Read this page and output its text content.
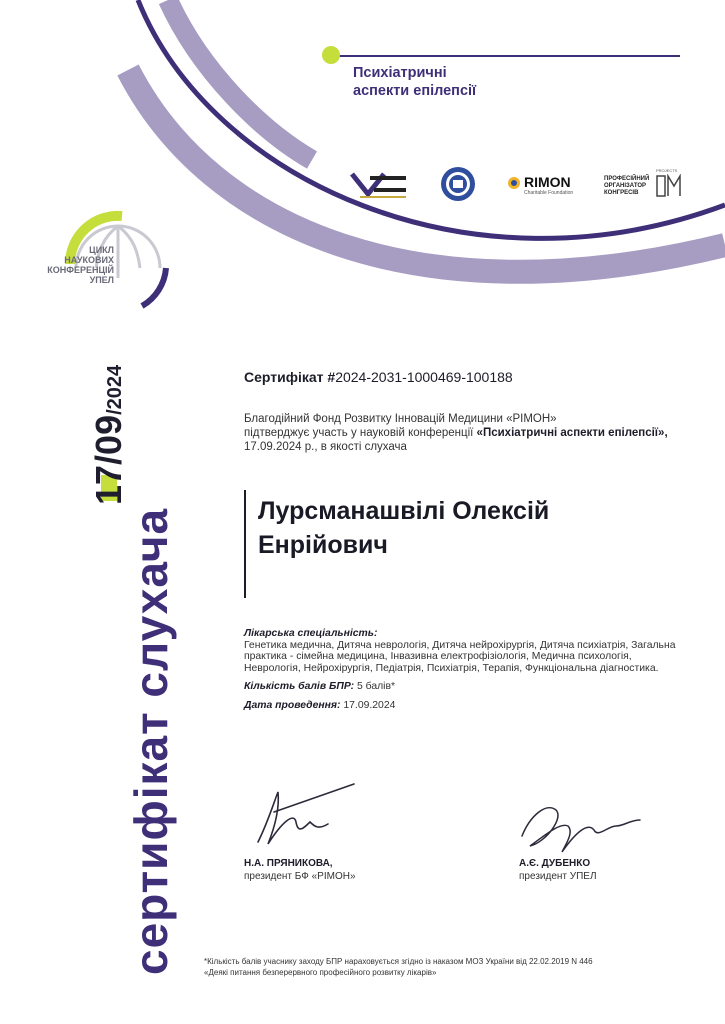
Психіатричні
аспекти епілепсії
RIMON
Charitable Foundation
ПРОФЕСІЙНИЙ
ОРГАНІЗАТОР
КОНГРЕСІВ
PROJECTS
ЦИКЛ
НАУКОВИХ
КОНФЕРЕНЦІЙ
УПЕЛ
17/09/2024
сертифікат слухача
Сертифікат #2024-2031-1000469-100188
Благодійний Фонд Розвитку Інновацій Медицини «РІМОН»
підтверджує участь у науковій конференції «Психіатричні аспекти епілепсії», 17.09.2024 р., в якості слухача
Лурсманашвілі Олексій
Енрійович
Лікарська спеціальність:
Генетика медична, Дитяча неврологія, Дитяча нейрохірургія, Дитяча психіатрія, Загальна практика - сімейна медицина, Інвазивна електрофізіологія, Медична психологія, Неврологія, Нейрохірургія, Педіатрія, Психіатрія, Терапія, Функціональна діагностика.
Кількість балів БПР: 5 балів*
Дата проведення: 17.09.2024
Н.А. ПРЯНИКОВА,
президент БФ «РІМОН»
А.Є. ДУБЕНКО
президент УПЕЛ
*Кількість балів учаснику заходу БПР нараховується згідно із наказом МОЗ України від 22.02.2019 N 446
«Деякі питання безперервного професійного розвитку лікарів»
